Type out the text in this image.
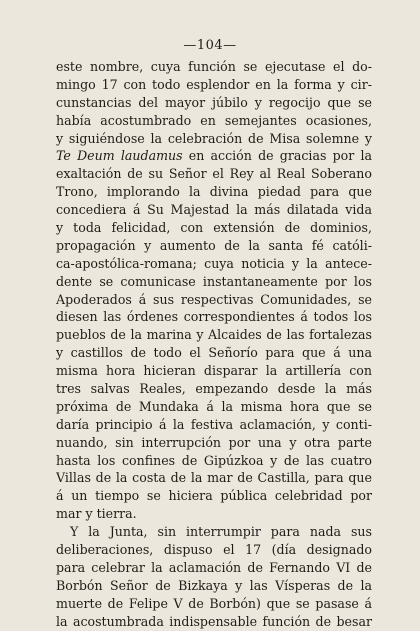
—104—
este nombre, cuya función se ejecutase el do-
mingo 17 con todo esplendor en la forma y cir-
cunstancias del mayor júbilo y regocijo que se
había acostumbrado en semejantes ocasiones,
y siguiéndose la celebración de Misa solemne y
Te Deum laudamus en acción de gracias por la
exaltación de su Señor el Rey al Real Soberano
Trono, implorando la divina piedad para que
concediera á Su Majestad la más dilatada vida
y toda felicidad, con extensión de dominios,
propagación y aumento de la santa fé católi-
ca-apostólica-romana; cuya noticia y la antece-
dente se comunicase instantaneamente por los
Apoderados á sus respectivas Comunidades, se
diesen las órdenes correspondientes á todos los
pueblos de la marina y Alcaides de las fortalezas
y castillos de todo el Señorío para que á una
misma hora hicieran disparar la artillería con
tres salvas Reales, empezando desde la más
próxima de Mundaka á la misma hora que se
daría principio á la festiva aclamación, y conti-
nuando, sin interrupción por una y otra parte
hasta los confines de Gipúzkoa y de las cuatro
Villas de la costa de la mar de Castilla, para que
á un tiempo se hiciera pública celebridad por
mar y tierra.
Y la Junta, sin interrumpir para nada sus
deliberaciones, dispuso el 17 (día designado
para celebrar la aclamación de Fernando VI de
Borbón Señor de Bizkaya y las Vísperas de la
muerte de Felipe V de Borbón) que se pasase á
la acostumbrada indispensable función de besar
